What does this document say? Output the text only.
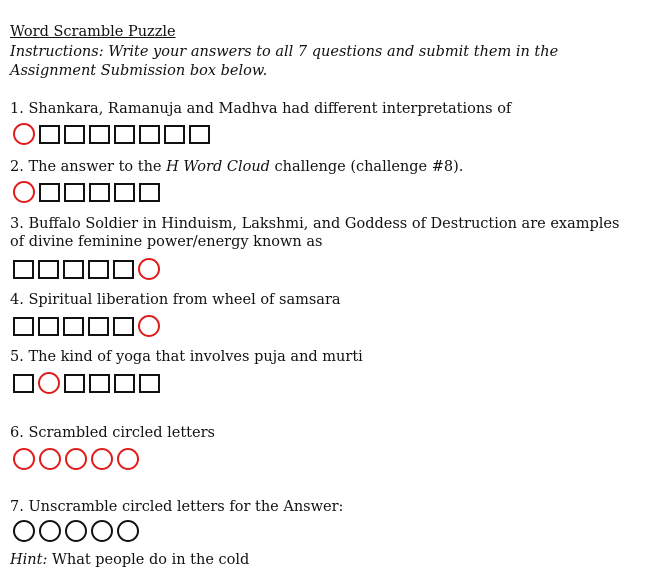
Word Scramble Puzzle
Instructions: Write your answers to all 7 questions and submit them in the Assignment Submission box below.
1. Shankara, Ramanuja and Madhva had different interpretations of
2. The answer to the H Word Cloud challenge (challenge #8).
3. Buffalo Soldier in Hinduism, Lakshmi, and Goddess of Destruction are examples of divine feminine power/energy known as
4. Spiritual liberation from wheel of samsara
5. The kind of yoga that involves puja and murti
6. Scrambled circled letters
7. Unscramble circled letters for the Answer:
Hint: What people do in the cold
